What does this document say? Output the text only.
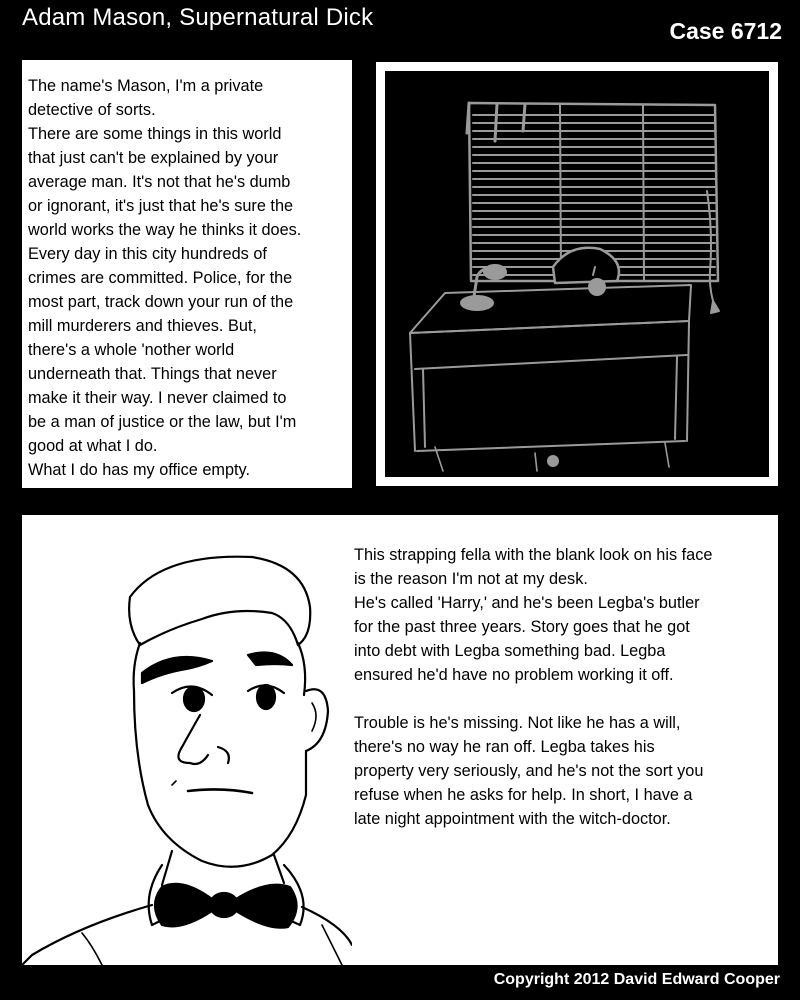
Adam Mason, Supernatural Dick	Case 6712

The name's Mason, I'm a private

detective of sorts.

There are some things in this world

that just can't be explained by your

average man. It's not that he's dumb

or ignorant, it's just that he's sure the

world works the way he thinks it does.

Every day in this city hundreds of

crimes are committed. Police, for the

most part, track down your run of the

mill murderers and thieves. But,

there's a whole 'nother world

underneath that. Things that never

make it their way. I never claimed to

be a man of justice or the law, but I'm

good at what I do.

What I do has my office empty.

This strapping fella with the blank look on his face

is the reason I'm not at my desk.

He's called 'Harry,' and he's been Legba's butler

for the past three years. Story goes that he got

into debt with Legba something bad. Legba

ensured he'd have no problem working it off.

Trouble is he's missing. Not like he has a will,

there's no way he ran off. Legba takes his

property very seriously, and he's not the sort you

refuse when he asks for help. In short, I have a

late night appointment with the witch-doctor.

Copyright 2012 David Edward Cooper
